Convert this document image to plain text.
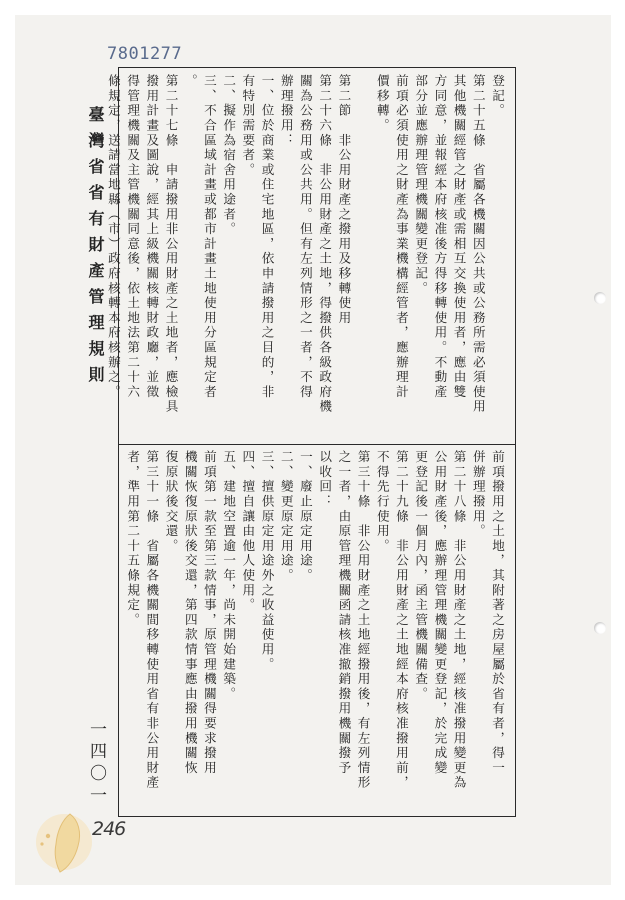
7801277
臺灣省省有財產管理規則
登記。
第二十五條　省屬各機關因公共或公務所需必須使用
其他機關經管之財產或需相互交換使用者，應由雙
方同意，並報經本府核准後方得移轉使用。不動產
部分並應辦理管理機關變更登記。
前項必須使用之財產為事業機構經管者，應辦理計
價移轉。

第二節　非公用財產之撥用及移轉使用
第二十六條　非公用財產之土地，得撥供各級政府機
關為公務用或公共用。但有左列情形之一者，不得
辦理撥用：
一、位於商業或住宅地區，依申請撥用之目的，非
有特別需要者。
二、擬作為宿舍用途者。
三、不合區域計畫或都市計畫土地使用分區規定者
。
第二十七條　申請撥用非公用財產之土地者，應檢具
撥用計畫及圖說，經其上級機關核轉財政廳，並徵
得管理機關及主管機關同意後，依土地法第二十六
條規定，送請當地縣（市）政府核轉本府核辦之。
前項撥用之土地，其附著之房屋屬於省有者，得一
併辦理撥用。
第二十八條　非公用財產之土地，經核准撥用變更為
公用財產後，應辦理管理機關變更登記，於完成變
更登記後一個月內，函主管機關備查。
第二十九條　非公用財產之土地經本府核准撥用前，
不得先行使用。
第三十條　非公用財產之土地經撥用後，有左列情形
之一者，由原管理機關函請核准撤銷撥用機關撥予
以收回：
一、廢止原定用途。
二、變更原定用途。
三、擅供原定用途外之收益使用。
四、擅自讓由他人使用。
五、建地空置逾一年，尚未開始建築。
前項第一款至第三款情事，原管理機關得要求撥用
機關恢復原狀後交還，第四款情事應由撥用機關恢
復原狀後交還。
第三十一條　省屬各機關間移轉使用省有非公用財產
者，準用第二十五條規定。
一四〇一
246
